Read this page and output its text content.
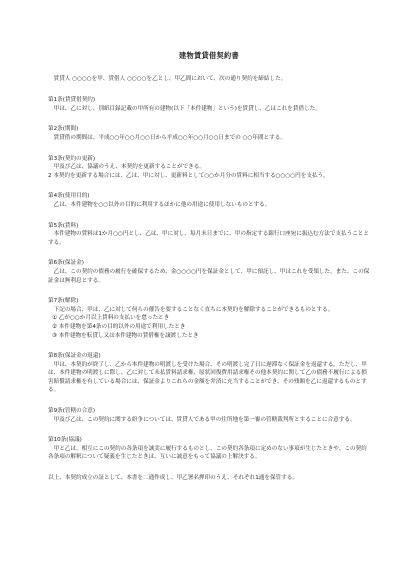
建物賃貸借契約書

賃貸人 ○○○○を甲、賃借人 ○○○○を乙とし、甲乙間において、次の通り契約を締結した。

第1条(賃貸借契約)

甲は、乙に対し、別紙目録記載の甲所有の建物(以下「本件建物」という)を賃貸し、乙はこれを賃借した。

第2条(期間)

賃貸借の期間は、平成○○年○○月○○日から平成○○年○○月○○日までの ○○年間とする。

第3条(契約の更新)

甲及び乙は、協議のうえ、本契約を更新することができる。

2 本契約を更新する場合には、乙は、甲に対し、更新料として○○か月分の賃料に相当する○○○○円を支払う。

第4条(使用目的)

乙は、本件建物を○○以外の目的に利用するほかに他の用途に使用しないものとする。

第5条(賃料)

本件建物の賃料は1か月○○円とし、乙は、甲に対し、毎月末日までに、甲の指定する銀行口座宛に振込む方法で支払うこととする。

第6条(保証金)

乙は、この契約の債務の履行を確保するため、金○○○○円を保証金として、甲に預託し、甲はこれを受領した。また、この保証金は無利息とする。

第7条(解除)

下記の場合、甲は、乙に対して何らの催告を要することなく直ちに本契約を解除することができるものとする。

① 乙が○○か月以上賃料の支払いを怠ったとき

② 本件建物を第4条の目的以外の用途で利用したとき

③ 本件建物を転貸し又は本件建物の賃借権を譲渡したとき

第8条(保証金の返還)

甲は、本契約が終了し、乙から本件建物の明渡しを受けた場合、その明渡し完了日に遅滞なく保証金を返還する。ただし、甲は、本件建物の明渡しに際し、乙に対して未払賃料請求権、原状回復費用請求権その他本契約に関して乙の債務不履行による損害賠償請求権を有している場合には、保証金よりこれらの金額を弁済に充当することができ、その残額を乙に返還するものとする。

第9条(管轄の合意)

甲及び乙は、この契約に関する紛争については、賃貸人である甲の住所地を第一審の管轄裁判所とすることに合意する。

第10条(協議)

甲と乙は、相互にこの契約の各条項を誠実に履行するものとし、この契約各条項に定めのない事項が生じたときや、この契約各条項の解釈について疑義を生じたときは、互いに誠意をもって協議の上解決する。

以上、本契約成立の証として、本書を二通作成し、甲乙署名押印のうえ、それぞれ1通を保管する。
